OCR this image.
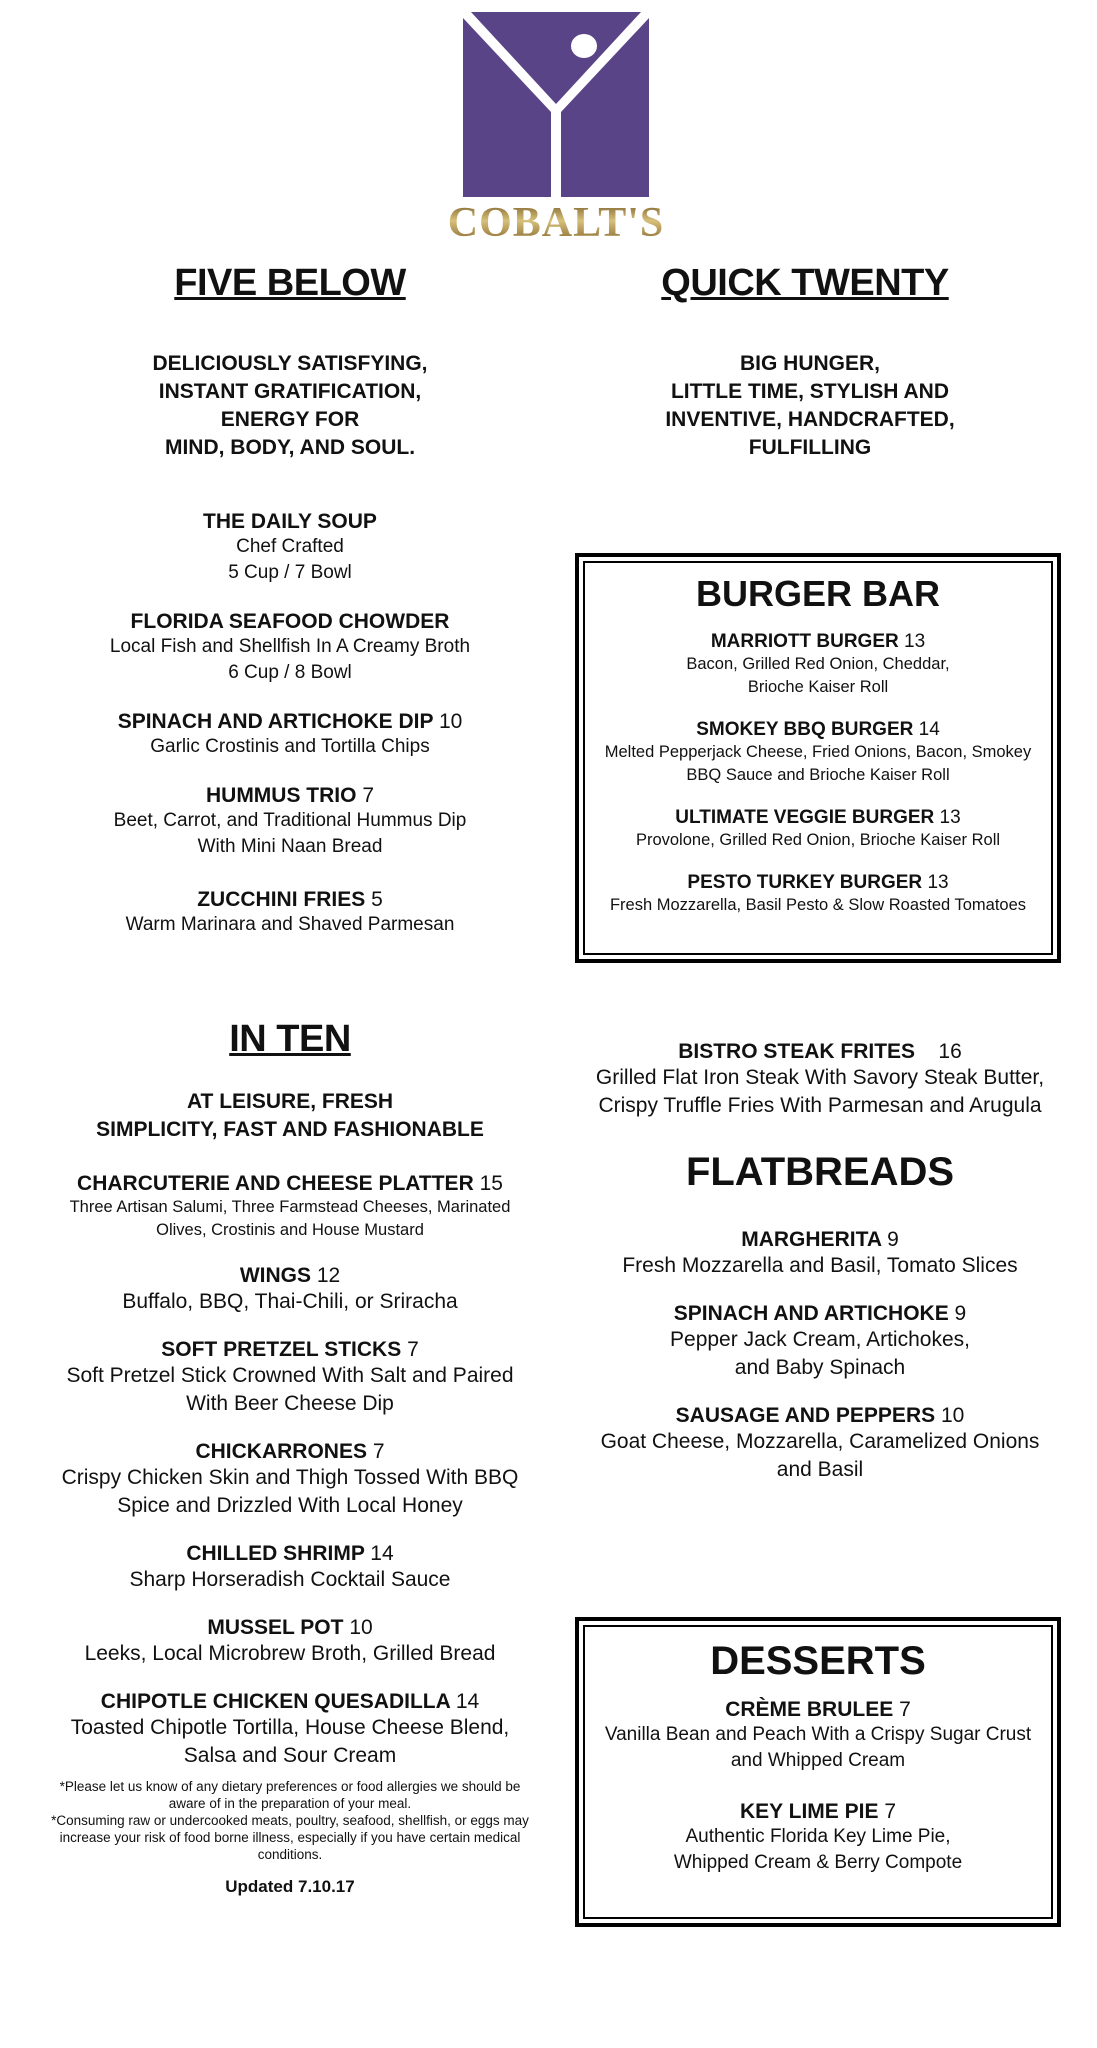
COBALT'S
FIVE BELOW
DELICIOUSLY SATISFYING,
INSTANT GRATIFICATION,
ENERGY FOR
MIND, BODY, AND SOUL.
THE DAILY SOUP
Chef Crafted
5 Cup / 7 Bowl
FLORIDA SEAFOOD CHOWDER
Local Fish and Shellfish In A Creamy Broth
6 Cup / 8 Bowl
SPINACH AND ARTICHOKE DIP 10
Garlic Crostinis and Tortilla Chips
HUMMUS TRIO 7
Beet, Carrot, and Traditional Hummus Dip
With Mini Naan Bread
ZUCCHINI FRIES 5
Warm Marinara and Shaved Parmesan
QUICK TWENTY
BIG HUNGER,
LITTLE TIME, STYLISH AND
INVENTIVE, HANDCRAFTED,
FULFILLING
BURGER BAR
MARRIOTT BURGER 13
Bacon, Grilled Red Onion, Cheddar,
Brioche Kaiser Roll
SMOKEY BBQ BURGER 14
Melted Pepperjack Cheese, Fried Onions, Bacon, Smokey
BBQ Sauce and Brioche Kaiser Roll
ULTIMATE VEGGIE BURGER 13
Provolone, Grilled Red Onion, Brioche Kaiser Roll
PESTO TURKEY BURGER 13
Fresh Mozzarella, Basil Pesto & Slow Roasted Tomatoes
IN TEN
AT LEISURE, FRESH
SIMPLICITY, FAST AND FASHIONABLE
CHARCUTERIE AND CHEESE PLATTER 15
Three Artisan Salumi, Three Farmstead Cheeses, Marinated
Olives, Crostinis and House Mustard
WINGS 12
Buffalo, BBQ, Thai-Chili, or Sriracha
SOFT PRETZEL STICKS 7
Soft Pretzel Stick Crowned With Salt and Paired
With Beer Cheese Dip
CHICKARRONES 7
Crispy Chicken Skin and Thigh Tossed With BBQ
Spice and Drizzled With Local Honey
CHILLED SHRIMP 14
Sharp Horseradish Cocktail Sauce
MUSSEL POT 10
Leeks, Local Microbrew Broth, Grilled Bread
CHIPOTLE CHICKEN QUESADILLA 14
Toasted Chipotle Tortilla, House Cheese Blend,
Salsa and Sour Cream
*Please let us know of any dietary preferences or food allergies we should be
aware of in the preparation of your meal.
*Consuming raw or undercooked meats, poultry, seafood, shellfish, or eggs may
increase your risk of food borne illness, especially if you have certain medical
conditions.
Updated 7.10.17
BISTRO STEAK FRITES 16
Grilled Flat Iron Steak With Savory Steak Butter,
Crispy Truffle Fries With Parmesan and Arugula
FLATBREADS
MARGHERITA 9
Fresh Mozzarella and Basil, Tomato Slices
SPINACH AND ARTICHOKE 9
Pepper Jack Cream, Artichokes,
and Baby Spinach
SAUSAGE AND PEPPERS 10
Goat Cheese, Mozzarella, Caramelized Onions
and Basil
DESSERTS
CRÈME BRULEE 7
Vanilla Bean and Peach With a Crispy Sugar Crust
and Whipped Cream
KEY LIME PIE 7
Authentic Florida Key Lime Pie,
Whipped Cream & Berry Compote
